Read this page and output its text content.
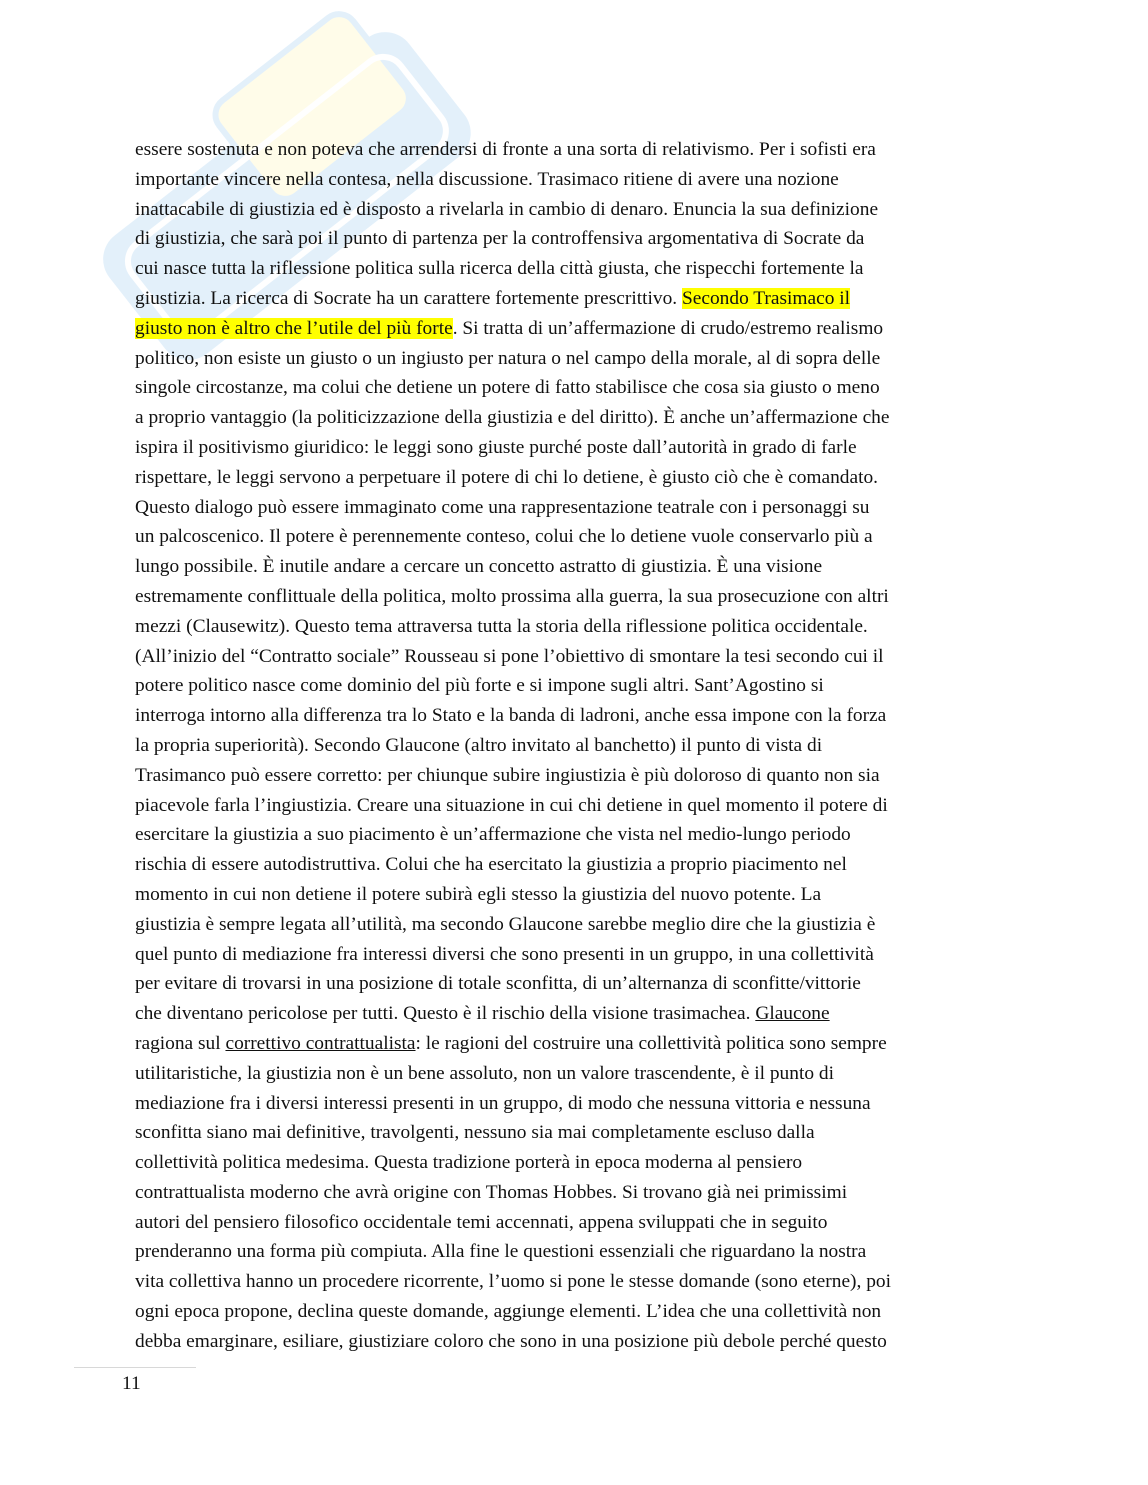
essere sostenuta e non poteva che arrendersi di fronte a una sorta di relativismo. Per i sofisti era
importante vincere nella contesa, nella discussione. Trasimaco ritiene di avere una nozione
inattacabile di giustizia ed è disposto a rivelarla in cambio di denaro. Enuncia la sua definizione
di giustizia, che sarà poi il punto di partenza per la controffensiva argomentativa di Socrate da
cui nasce tutta la riflessione politica sulla ricerca della città giusta, che rispecchi fortemente la
giustizia. La ricerca di Socrate ha un carattere fortemente prescrittivo. Secondo Trasimaco il
giusto non è altro che l’utile del più forte. Si tratta di un’affermazione di crudo/estremo realismo
politico, non esiste un giusto o un ingiusto per natura o nel campo della morale, al di sopra delle
singole circostanze, ma colui che detiene un potere di fatto stabilisce che cosa sia giusto o meno
a proprio vantaggio (la politicizzazione della giustizia e del diritto). È anche un’affermazione che
ispira il positivismo giuridico: le leggi sono giuste purché poste dall’autorità in grado di farle
rispettare, le leggi servono a perpetuare il potere di chi lo detiene, è giusto ciò che è comandato.
Questo dialogo può essere immaginato come una rappresentazione teatrale con i personaggi su
un palcoscenico. Il potere è perennemente conteso, colui che lo detiene vuole conservarlo più a
lungo possibile. È inutile andare a cercare un concetto astratto di giustizia. È una visione
estremamente conflittuale della politica, molto prossima alla guerra, la sua prosecuzione con altri
mezzi (Clausewitz). Questo tema attraversa tutta la storia della riflessione politica occidentale.
(All’inizio del “Contratto sociale” Rousseau si pone l’obiettivo di smontare la tesi secondo cui il
potere politico nasce come dominio del più forte e si impone sugli altri. Sant’Agostino si
interroga intorno alla differenza tra lo Stato e la banda di ladroni, anche essa impone con la forza
la propria superiorità). Secondo Glaucone (altro invitato al banchetto) il punto di vista di
Trasimanco può essere corretto: per chiunque subire ingiustizia è più doloroso di quanto non sia
piacevole farla l’ingiustizia. Creare una situazione in cui chi detiene in quel momento il potere di
esercitare la giustizia a suo piacimento è un’affermazione che vista nel medio-lungo periodo
rischia di essere autodistruttiva. Colui che ha esercitato la giustizia a proprio piacimento nel
momento in cui non detiene il potere subirà egli stesso la giustizia del nuovo potente. La
giustizia è sempre legata all’utilità, ma secondo Glaucone sarebbe meglio dire che la giustizia è
quel punto di mediazione fra interessi diversi che sono presenti in un gruppo, in una collettività
per evitare di trovarsi in una posizione di totale sconfitta, di un’alternanza di sconfitte/vittorie
che diventano pericolose per tutti. Questo è il rischio della visione trasimachea. Glaucone
ragiona sul correttivo contrattualista: le ragioni del costruire una collettività politica sono sempre
utilitaristiche, la giustizia non è un bene assoluto, non un valore trascendente, è il punto di
mediazione fra i diversi interessi presenti in un gruppo, di modo che nessuna vittoria e nessuna
sconfitta siano mai definitive, travolgenti, nessuno sia mai completamente escluso dalla
collettività politica medesima. Questa tradizione porterà in epoca moderna al pensiero
contrattualista moderno che avrà origine con Thomas Hobbes. Si trovano già nei primissimi
autori del pensiero filosofico occidentale temi accennati, appena sviluppati che in seguito
prenderanno una forma più compiuta. Alla fine le questioni essenziali che riguardano la nostra
vita collettiva hanno un procedere ricorrente, l’uomo si pone le stesse domande (sono eterne), poi
ogni epoca propone, declina queste domande, aggiunge elementi. L’idea che una collettività non
debba emarginare, esiliare, giustiziare coloro che sono in una posizione più debole perché questo
11
